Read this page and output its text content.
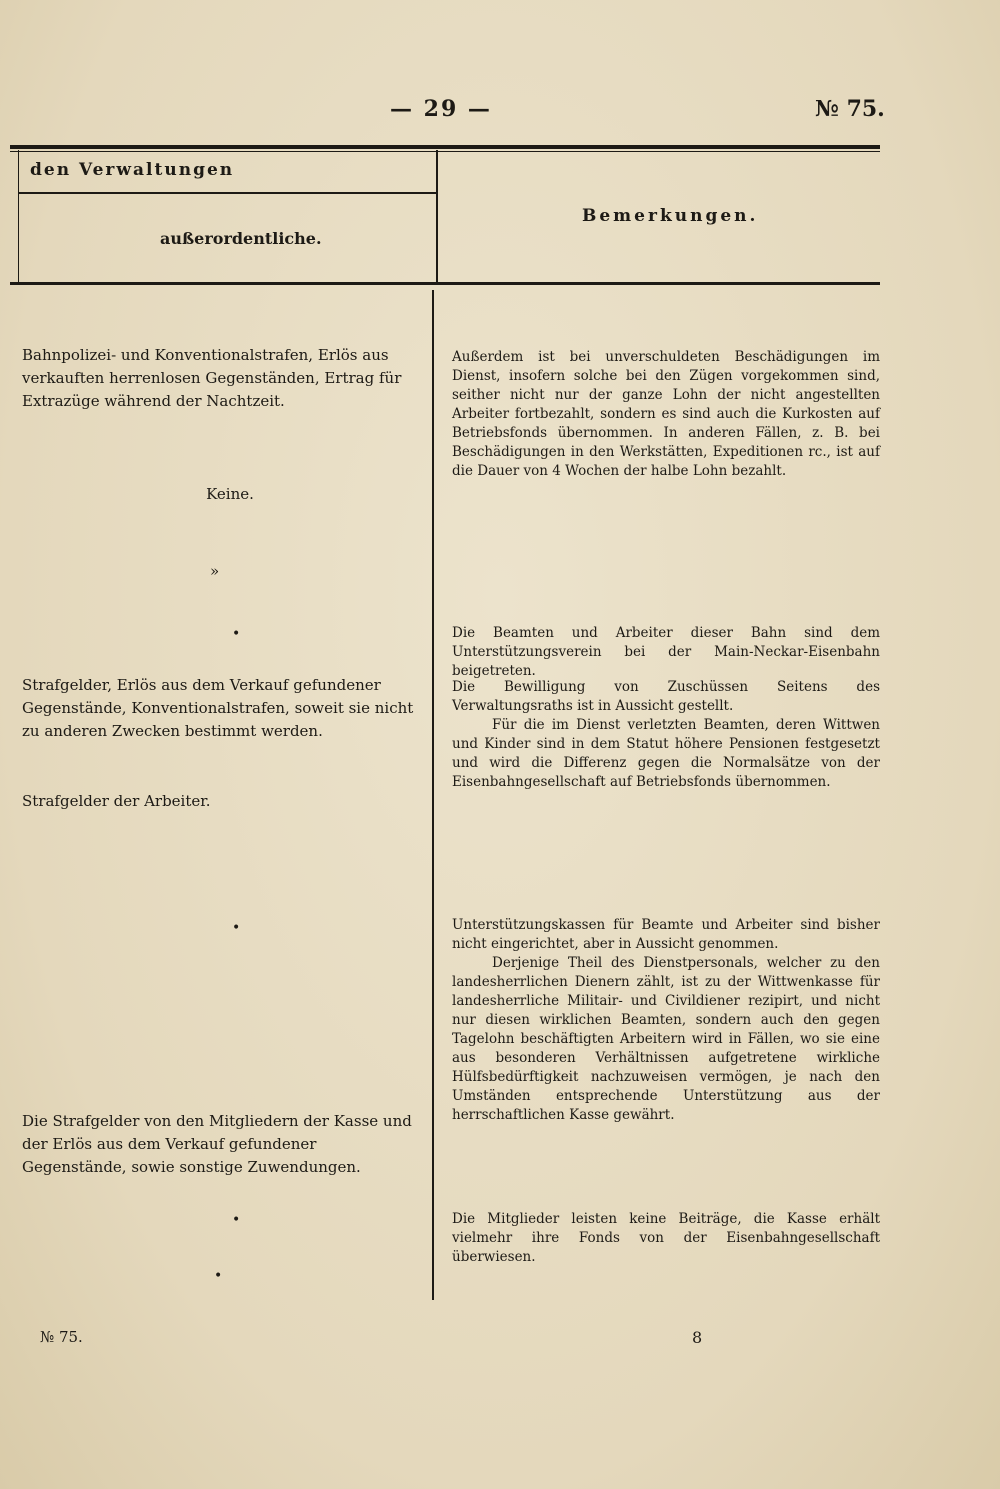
— 29 —	№ 75.
den Verwaltungen
außerordentliche.
Bemerkungen.
Bahnpolizei- und Konventionalstrafen, Erlös aus verkauften herrenlosen Gegenständen, Ertrag für Extrazüge während der Nachtzeit.
Keine.
»
•
Strafgelder, Erlös aus dem Verkauf gefundener Gegenstände, Konventionalstrafen, soweit sie nicht zu anderen Zwecken bestimmt werden.
Strafgelder der Arbeiter.
•
Die Strafgelder von den Mitgliedern der Kasse und der Erlös aus dem Verkauf gefundener Gegenstände, sowie sonstige Zuwendungen.
•
•
Außerdem ist bei unverschuldeten Beschädigungen im Dienst, insofern solche bei den Zügen vorgekommen sind, seither nicht nur der ganze Lohn der nicht angestellten Arbeiter fortbezahlt, sondern es sind auch die Kurkosten auf Betriebsfonds übernommen. In anderen Fällen, z. B. bei Beschädigungen in den Werkstätten, Expeditionen rc., ist auf die Dauer von 4 Wochen der halbe Lohn bezahlt.
Die Beamten und Arbeiter dieser Bahn sind dem Unterstützungsverein bei der Main-Neckar-Eisenbahn beigetreten.
Die Bewilligung von Zuschüssen Seitens des Verwaltungsraths ist in Aussicht gestellt.
Für die im Dienst verletzten Beamten, deren Wittwen und Kinder sind in dem Statut höhere Pensionen festgesetzt und wird die Differenz gegen die Normalsätze von der Eisenbahngesellschaft auf Betriebsfonds übernommen.
Unterstützungskassen für Beamte und Arbeiter sind bisher nicht eingerichtet, aber in Aussicht genommen.
Derjenige Theil des Dienstpersonals, welcher zu den landesherrlichen Dienern zählt, ist zu der Wittwenkasse für landesherrliche Militair- und Civildiener rezipirt, und nicht nur diesen wirklichen Beamten, sondern auch den gegen Tagelohn beschäftigten Arbeitern wird in Fällen, wo sie eine aus besonderen Verhältnissen aufgetretene wirkliche Hülfsbedürftigkeit nachzuweisen vermögen, je nach den Umständen entsprechende Unterstützung aus der herrschaftlichen Kasse gewährt.
Die Mitglieder leisten keine Beiträge, die Kasse erhält vielmehr ihre Fonds von der Eisenbahngesellschaft überwiesen.
№ 75.	8
